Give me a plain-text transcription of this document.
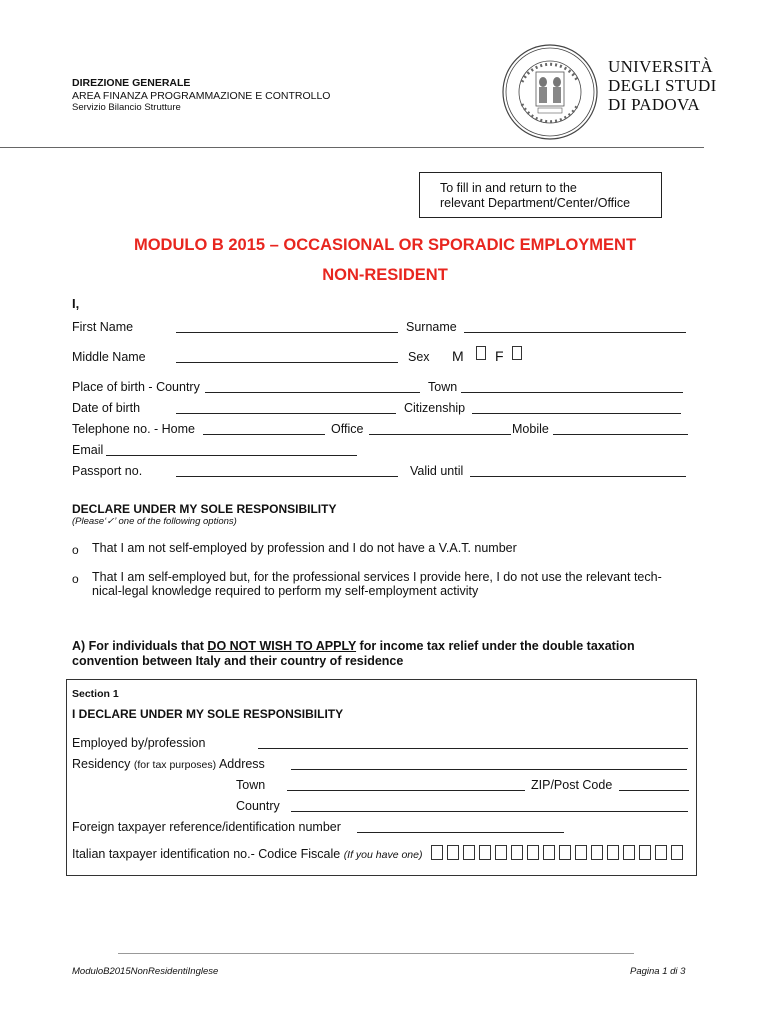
DIREZIONE GENERALE
AREA FINANZA PROGRAMMAZIONE E CONTROLLO
Servizio Bilancio Strutture
UNIVERSITÀ
DEGLI STUDI
DI PADOVA
To fill in and return to the
relevant Department/Center/Office
MODULO B 2015 – OCCASIONAL OR SPORADIC EMPLOYMENT
NON-RESIDENT
I,
First Name	Surname
Middle Name	Sex M F
Place of birth - Country	Town
Date of birth	Citizenship
Telephone no. - Home	Office	Mobile
Email
Passport no.	Valid until
DECLARE UNDER MY SOLE RESPONSIBILITY
(Please‘✓’ one of the following options)
o That I am not self-employed by profession and I do not have a V.A.T. number
o That I am self-employed but, for the professional services I provide here, I do not use the relevant tech-
nical-legal knowledge required to perform my self-employment activity
A) For individuals that DO NOT WISH TO APPLY for income tax relief under the double taxation
convention between Italy and their country of residence
Section 1
I DECLARE UNDER MY SOLE RESPONSIBILITY
Employed by/profession
Residency (for tax purposes) Address
Town	ZIP/Post Code
Country
Foreign taxpayer reference/identification number
Italian taxpayer identification no.- Codice Fiscale (If you have one)
ModuloB2015NonResidentiInglese	Pagina 1 di 3
